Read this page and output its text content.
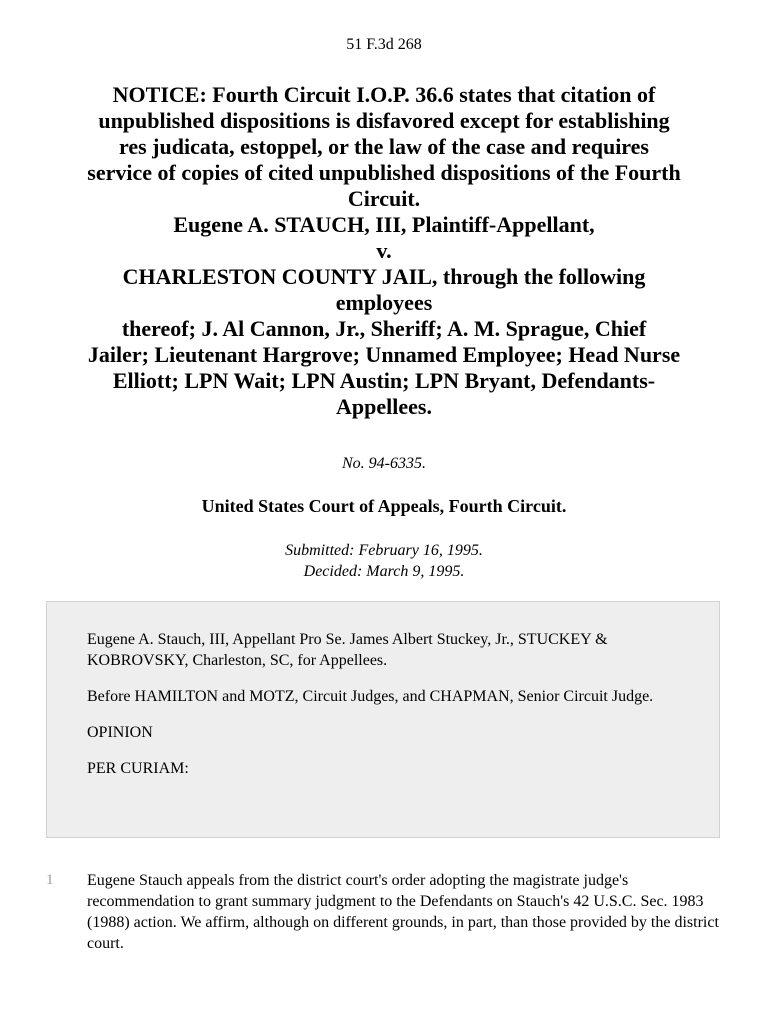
51 F.3d 268
NOTICE: Fourth Circuit I.O.P. 36.6 states that citation of
unpublished dispositions is disfavored except for establishing
res judicata, estoppel, or the law of the case and requires
service of copies of cited unpublished dispositions of the Fourth
Circuit.
Eugene A. STAUCH, III, Plaintiff-Appellant,
v.
CHARLESTON COUNTY JAIL, through the following
employees
thereof; J. Al Cannon, Jr., Sheriff; A. M. Sprague, Chief
Jailer; Lieutenant Hargrove; Unnamed Employee; Head Nurse
Elliott; LPN Wait; LPN Austin; LPN Bryant, Defendants-
Appellees.
No. 94-6335.
United States Court of Appeals, Fourth Circuit.
Submitted: February 16, 1995.
Decided: March 9, 1995.

Eugene A. Stauch, III, Appellant Pro Se. James Albert Stuckey, Jr., STUCKEY & KOBROVSKY, Charleston, SC, for Appellees.

Before HAMILTON and MOTZ, Circuit Judges, and CHAPMAN, Senior Circuit Judge.

OPINION

PER CURIAM:

1 Eugene Stauch appeals from the district court's order adopting the magistrate judge's recommendation to grant summary judgment to the Defendants on Stauch's 42 U.S.C. Sec. 1983 (1988) action. We affirm, although on different grounds, in part, than those provided by the district court.
